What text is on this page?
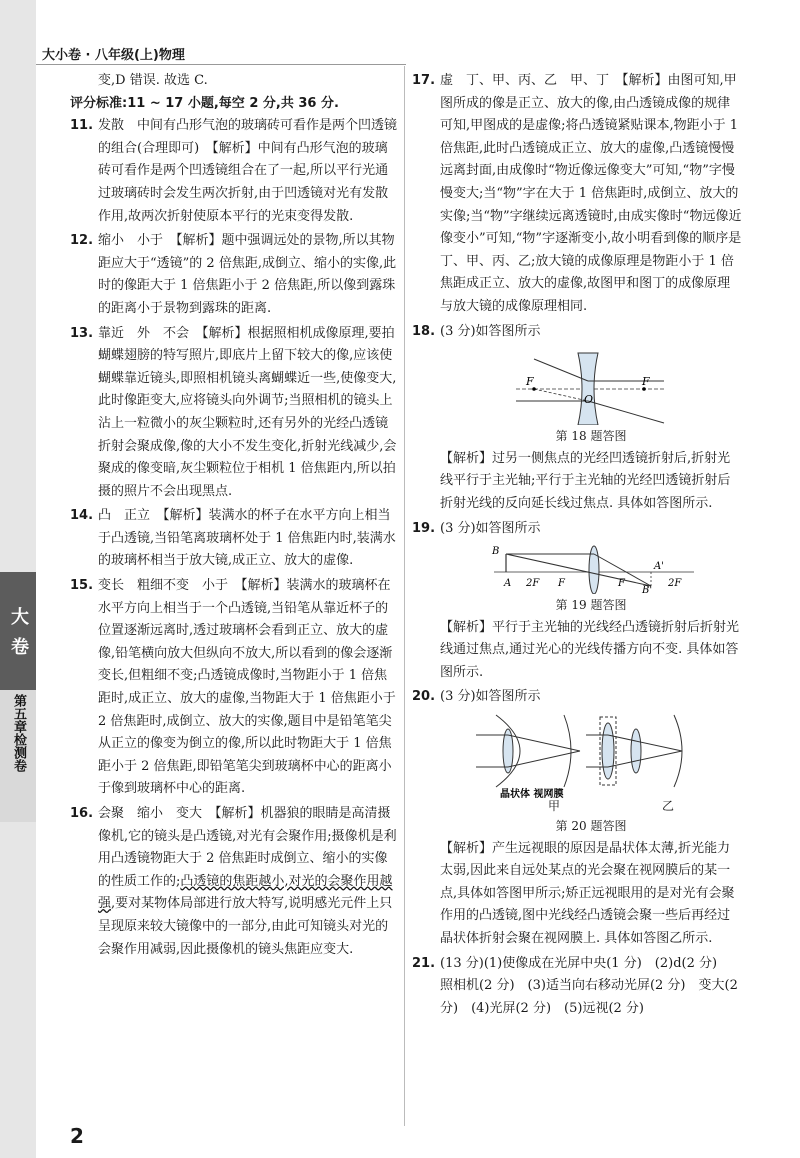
大小卷 · 八年级(上)物理
大卷
第五章检测卷

变,D 错误. 故选 C.

评分标准:11 ~ 17 小题,每空 2 分,共 36 分.

11. 发散　中间有凸形气泡的玻璃砖可看作是两个凹透镜的组合(合理即可)　【解析】中间有凸形气泡的玻璃砖可看作是两个凹透镜组合在了一起,所以平行光通过玻璃砖时会发生两次折射,由于凹透镜对光有发散作用,故两次折射使原本平行的光束变得发散.
12. 缩小　小于　【解析】题中强调远处的景物,所以其物距应大于“透镜”的 2 倍焦距,成倒立、缩小的实像,此时的像距大于 1 倍焦距小于 2 倍焦距,所以像到露珠的距离小于景物到露珠的距离.
13. 靠近　外　不会　【解析】根据照相机成像原理,要拍蝴蝶翅膀的特写照片,即底片上留下较大的像,应该使蝴蝶靠近镜头,即照相机镜头离蝴蝶近一些,使像变大,此时像距变大,应将镜头向外调节;当照相机的镜头上沾上一粒微小的灰尘颗粒时,还有另外的光经凸透镜折射会聚成像,像的大小不发生变化,折射光线减少,会聚成的像变暗,灰尘颗粒位于相机 1 倍焦距内,所以拍摄的照片不会出现黑点.
14. 凸　正立　【解析】装满水的杯子在水平方向上相当于凸透镜,当铅笔离玻璃杯处于 1 倍焦距内时,装满水的玻璃杯相当于放大镜,成正立、放大的虚像.
15. 变长　粗细不变　小于　【解析】装满水的玻璃杯在水平方向上相当于一个凸透镜,当铅笔从靠近杯子的位置逐渐远离时,透过玻璃杯会看到正立、放大的虚像,铅笔横向放大但纵向不放大,所以看到的像会逐渐变长,但粗细不变;凸透镜成像时,当物距小于 1 倍焦距时,成正立、放大的虚像,当物距大于 1 倍焦距小于 2 倍焦距时,成倒立、放大的实像,题目中是铅笔笔尖从正立的像变为倒立的像,所以此时物距大于 1 倍焦距小于 2 倍焦距,即铅笔笔尖到玻璃杯中心的距离小于像到玻璃杯中心的距离.
16. 会聚　缩小　变大　【解析】机器狼的眼睛是高清摄像机,它的镜头是凸透镜,对光有会聚作用;摄像机是利用凸透镜物距大于 2 倍焦距时成倒立、缩小的实像的性质工作的;凸透镜的焦距越小,对光的会聚作用越强,要对某物体局部进行放大特写,说明感光元件上只呈现原来较大镜像中的一部分,由此可知镜头对光的会聚作用减弱,因此摄像机的镜头焦距应变大.
17. 虚　丁、甲、丙、乙　甲、丁　【解析】由图可知,甲图所成的像是正立、放大的像,由凸透镜成像的规律可知,甲图成的是虚像;将凸透镜紧贴课本,物距小于 1 倍焦距,此时凸透镜成正立、放大的虚像,凸透镜慢慢远离封面,由成像时“物近像远像变大”可知,“物”字慢慢变大;当“物”字在大于 1 倍焦距时,成倒立、放大的实像;当“物”字继续远离透镜时,由成实像时“物远像近像变小”可知,“物”字逐渐变小,故小明看到像的顺序是丁、甲、丙、乙;放大镜的成像原理是物距小于 1 倍焦距成正立、放大的虚像,故图甲和图丁的成像原理与放大镜的成像原理相同.
18. (3 分)如答图所示
F	F
O
第 18 题答图
【解析】过另一侧焦点的光经凹透镜折射后,折射光线平行于主光轴;平行于主光轴的光经凹透镜折射后折射光线的反向延长线过焦点. 具体如答图所示.
19. (3 分)如答图所示
B
A 2F F	F
A'
B'
2F
第 19 题答图
【解析】平行于主光轴的光线经凸透镜折射后折射光线通过焦点,通过光心的光线传播方向不变. 具体如答图所示.
20. (3 分)如答图所示
晶状体 视网膜
甲	乙
第 20 题答图
【解析】产生远视眼的原因是晶状体太薄,折光能力太弱,因此来自远处某点的光会聚在视网膜后的某一点,具体如答图甲所示;矫正远视眼用的是对光有会聚作用的凸透镜,图中光线经凸透镜会聚一些后再经过晶状体折射会聚在视网膜上. 具体如答图乙所示.
21. (13 分)(1)使像成在光屏中央(1 分)　(2)d(2 分)　照相机(2 分)　(3)适当向右移动光屏(2 分)　变大(2 分)　(4)光屏(2 分)　(5)远视(2 分)
2
